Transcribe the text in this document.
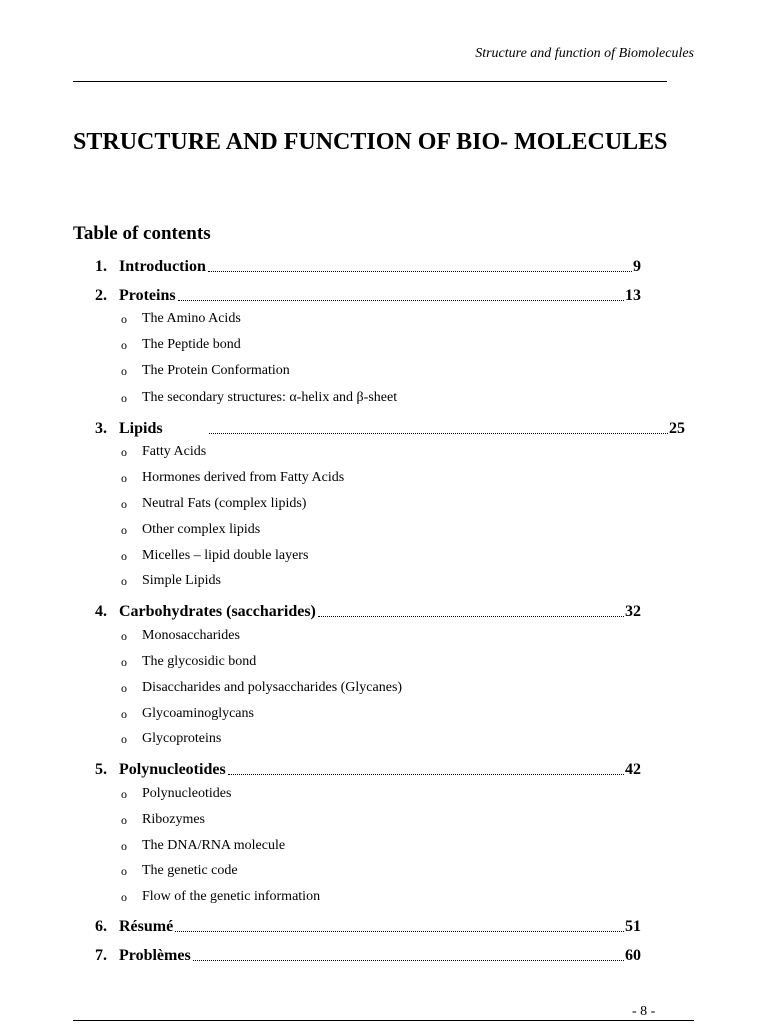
Structure and function of Biomolecules
STRUCTURE AND FUNCTION OF BIO- MOLECULES
Table of contents
1. Introduction	9
2. Proteins	13
o	The Amino Acids
o	The Peptide bond
o	The Protein Conformation
o	The secondary structures: α-helix and β-sheet
3. Lipids	25
o	Fatty Acids
o	Hormones derived from Fatty Acids
o	Neutral Fats (complex lipids)
o	Other complex lipids
o	Micelles – lipid double layers
o	Simple Lipids
4. Carbohydrates (saccharides)	32
o	Monosaccharides
o	The glycosidic bond
o	Disaccharides and polysaccharides (Glycanes)
o	Glycoaminoglycans
o	Glycoproteins
5. Polynucleotides	42
o	Polynucleotides
o	Ribozymes
o	The DNA/RNA molecule
o	The genetic code
o	Flow of the genetic information
6. Résumé	51
7. Problèmes	60
- 8 -
